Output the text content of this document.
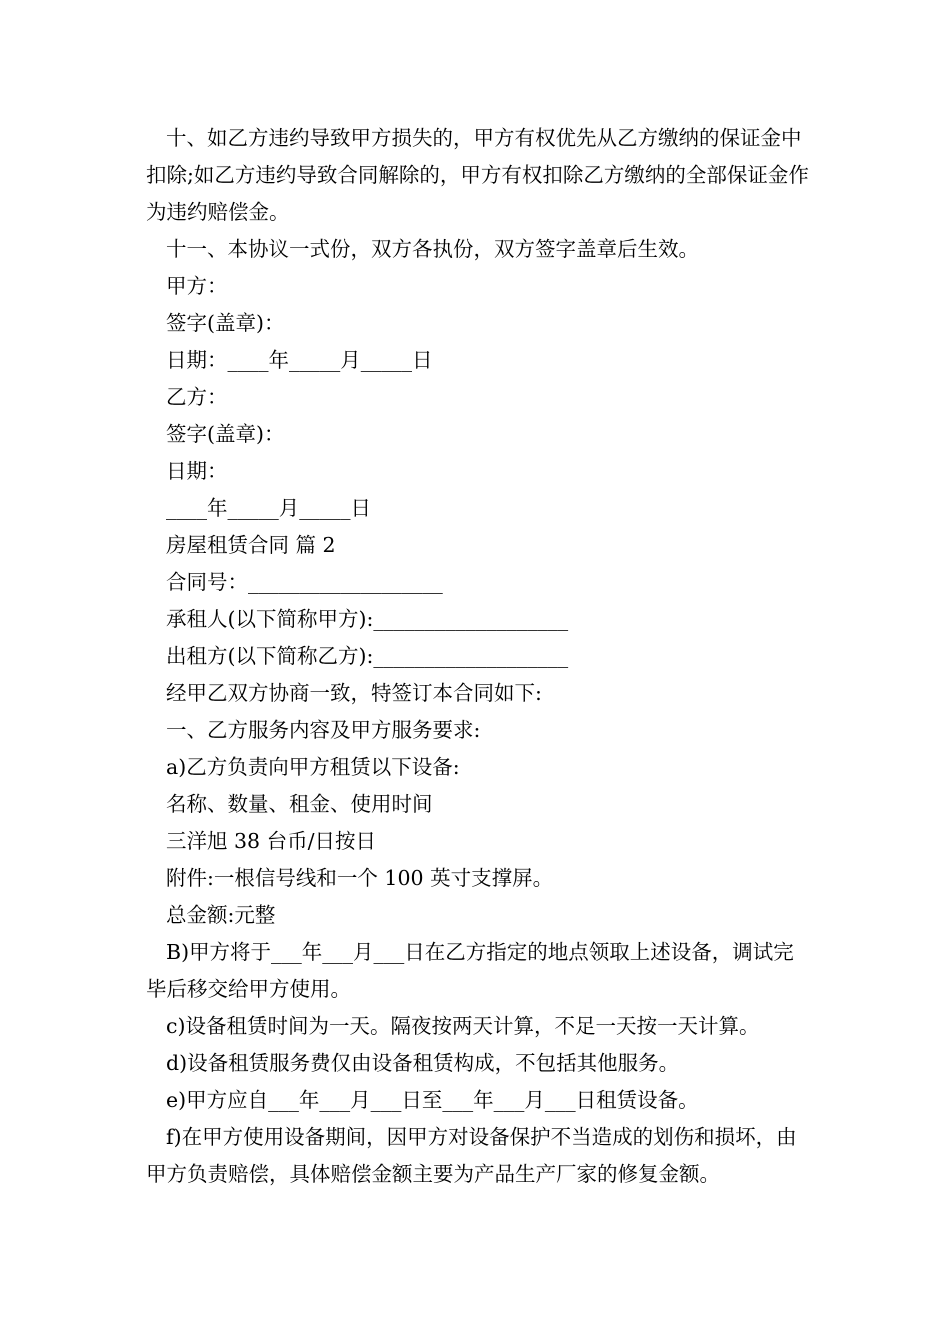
十、如乙方违约导致甲方损失的，甲方有权优先从乙方缴纳的保证金中扣除;如乙方违约导致合同解除的，甲方有权扣除乙方缴纳的全部保证金作为违约赔偿金。

十一、本协议一式份，双方各执份，双方签字盖章后生效。

甲方：

签字(盖章)：

日期：____年_____月_____日

乙方：

签字(盖章)：

日期：

____年_____月_____日

房屋租赁合同 篇 2

合同号：___________________

承租人(以下简称甲方):___________________

出租方(以下简称乙方):___________________

经甲乙双方协商一致，特签订本合同如下:

一、乙方服务内容及甲方服务要求:

a)乙方负责向甲方租赁以下设备:

名称、数量、租金、使用时间

三洋旭 38 台币/日按日

附件:一根信号线和一个 100 英寸支撑屏。

总金额:元整

B)甲方将于___年___月___日在乙方指定的地点领取上述设备，调试完毕后移交给甲方使用。

c)设备租赁时间为一天。隔夜按两天计算，不足一天按一天计算。

d)设备租赁服务费仅由设备租赁构成，不包括其他服务。

e)甲方应自___年___月___日至___年___月___日租赁设备。

f)在甲方使用设备期间，因甲方对设备保护不当造成的划伤和损坏，由甲方负责赔偿，具体赔偿金额主要为产品生产厂家的修复金额。
